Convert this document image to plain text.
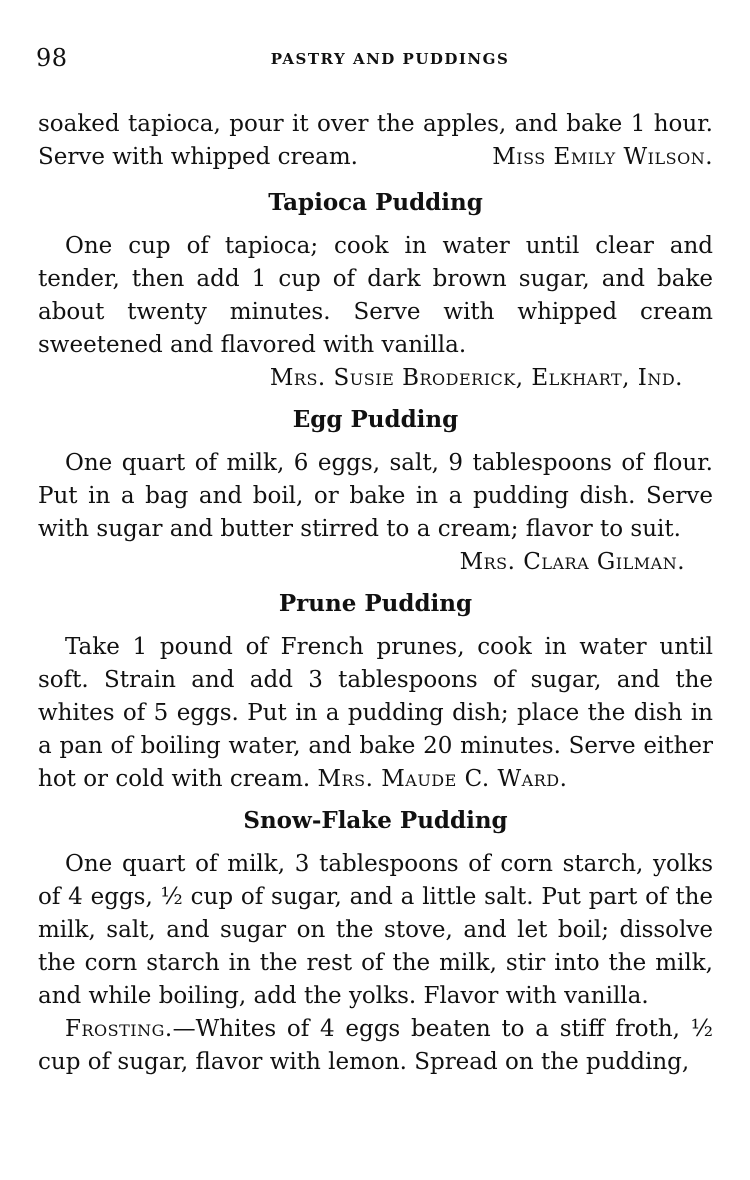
98	PASTRY AND PUDDINGS

soaked tapioca, pour it over the apples, and bake 1 hour.

Serve with whipped cream.	Miss Emily Wilson.

Tapioca Pudding

One cup of tapioca; cook in water until clear and tender, then add 1 cup of dark brown sugar, and bake about twenty minutes. Serve with whipped cream sweetened and flavored with vanilla.

Mrs. Susie Broderick, Elkhart, Ind.

Egg Pudding

One quart of milk, 6 eggs, salt, 9 tablespoons of flour. Put in a bag and boil, or bake in a pudding dish. Serve with sugar and butter stirred to a cream; flavor to suit.

Mrs. Clara Gilman.

Prune Pudding

Take 1 pound of French prunes, cook in water until soft. Strain and add 3 tablespoons of sugar, and the whites of 5 eggs. Put in a pudding dish; place the dish in a pan of boiling water, and bake 20 minutes. Serve either hot or cold with cream. Mrs. Maude C. Ward.

Snow-Flake Pudding

One quart of milk, 3 tablespoons of corn starch, yolks of 4 eggs, ½ cup of sugar, and a little salt. Put part of the milk, salt, and sugar on the stove, and let boil; dissolve the corn starch in the rest of the milk, stir into the milk, and while boiling, add the yolks. Flavor with vanilla.

Frosting.—Whites of 4 eggs beaten to a stiff froth, ½ cup of sugar, flavor with lemon. Spread on the pudding,
